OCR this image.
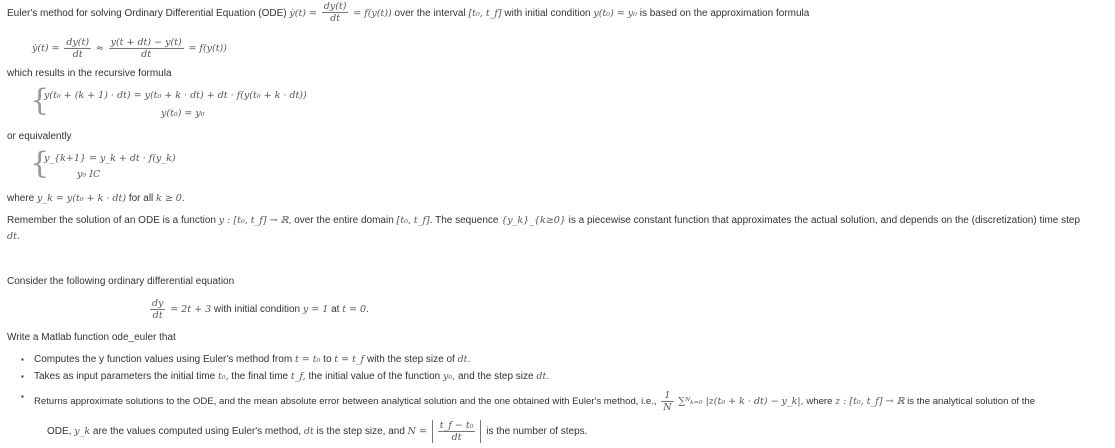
Euler's method for solving Ordinary Differential Equation (ODE) ẏ(t) = $\frac{dy(t)}{dt} = f(y(t))$ over the interval [t₀, t_f] with initial condition y(t₀) = y₀ is based on the approximation formula
ẏ(t) = $\frac{dy(t)}{dt} \approx \frac{y(t + dt) - y(t)}{dt} = f(y(t))$
which results in the recursive formula
{
y(t₀ + (k + 1) · dt) = y(t₀ + k · dt) + dt · f(y(t₀ + k · dt))
y(t₀) = y₀
or equivalently
{
y_{k+1} = y_k + dt · f(y_k)
y₀ IC
where y_k = y(t₀ + k · dt) for all k ≥ 0.
Remember the solution of an ODE is a function y : [t₀, t_f] → ℝ, over the entire domain [t₀, t_f]. The sequence {y_k}_{k≥0} is a piecewise constant function that approximates the actual solution, and depends on the (discretization) time step
dt.
Consider the following ordinary differential equation
$\frac{dy}{dt} = 2t + 3$ with initial condition y = 1 at t = 0.
Write a Matlab function ode_euler that
▪ Computes the y function values using Euler's method from t = t₀ to t = t_f with the step size of dt.
▪ Takes as input parameters the initial time t₀, the final time t_f, the initial value of the function y₀, and the step size dt.
▪ Returns approximate solutions to the ODE, and the mean absolute error between analytical solution and the one obtained with Euler's method, i.e., $\frac{1}{N}$ ∑ᴺₖ₌₀ |z(t₀ + k · dt) − y_k|, where z : [t₀, t_f] → ℝ is the analytical solution of the
ODE, y_k are the values computed using Euler's method, dt is the step size, and $N = \frac{\text{t\_f − t₀}}{dt}$ is the number of steps.
